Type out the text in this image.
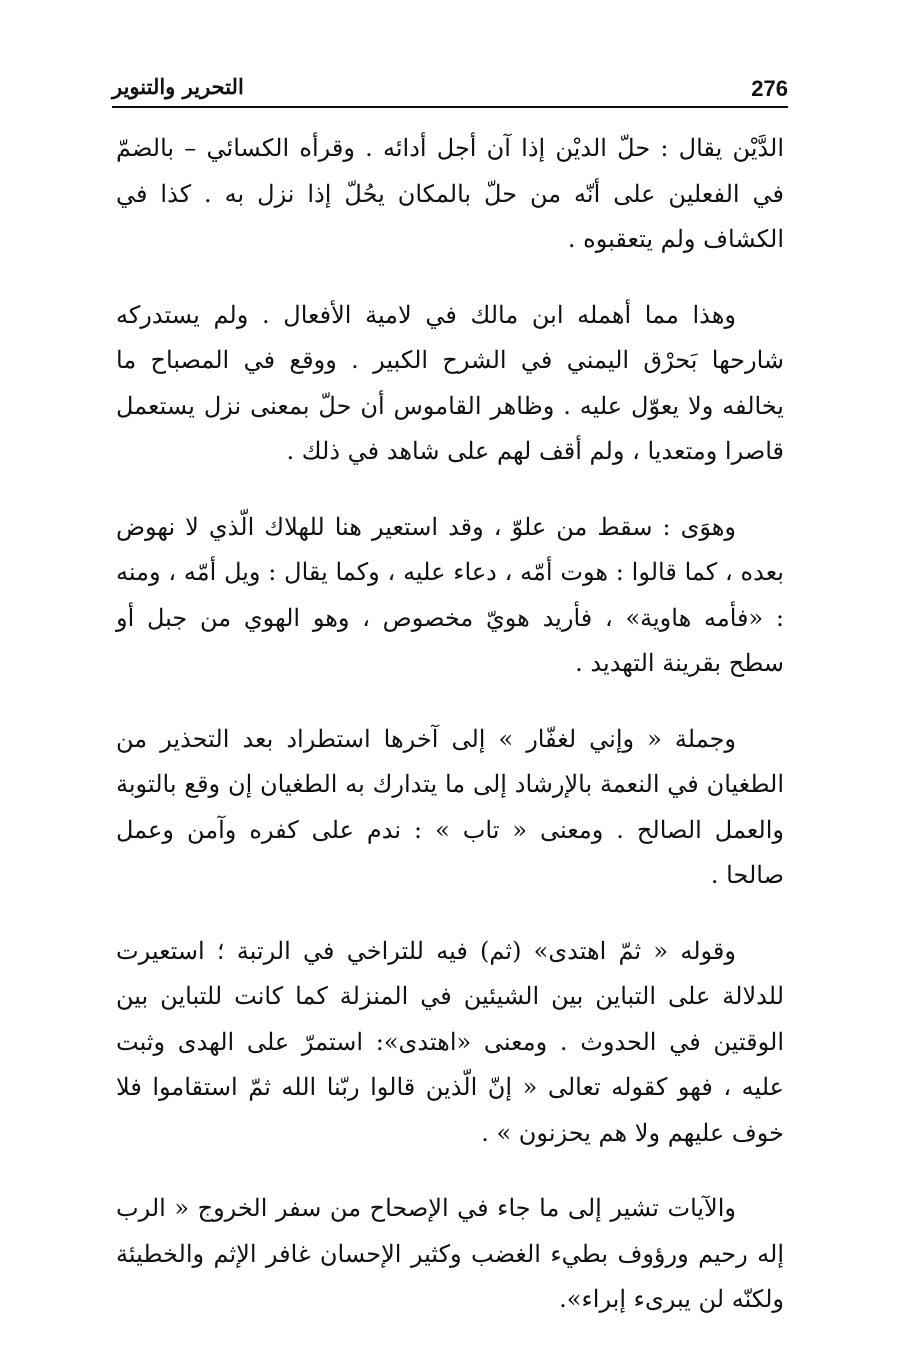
276
التحرير والتنوير

الدَّيْن يقال : حلّ الديْن إذا آن أجل أدائه . وقرأه الكسائي – بالضمّ في الفعلين على أنّه من حلّ بالمكان يحُلّ إذا نزل به . كذا في الكشاف ولم يتعقبوه .

وهذا مما أهمله ابن مالك في لامية الأفعال . ولم يستدركه شارحها بَحرْق اليمني في الشرح الكبير . ووقع في المصباح ما يخالفه ولا يعوّل عليه . وظاهر القاموس أن حلّ بمعنى نزل يستعمل قاصرا ومتعديا ، ولم أقف لهم على شاهد في ذلك .

وهوَى : سقط من علوّ ، وقد استعير هنا للهلاك الّذي لا نهوض بعده ، كما قالوا : هوت أمّه ، دعاء عليه ، وكما يقال : ويل أمّه ، ومنه : «فأمه هاوية» ، فأريد هويّ مخصوص ، وهو الهوي من جبل أو سطح بقرينة التهديد .

وجملة « وإني لغفّار » إلى آخرها استطراد بعد التحذير من الطغيان في النعمة بالإرشاد إلى ما يتدارك به الطغيان إن وقع بالتوبة والعمل الصالح . ومعنى « تاب » : ندم على كفره وآمن وعمل صالحا .

وقوله « ثمّ اهتدى» (ثم) فيه للتراخي في الرتبة ؛ استعيرت للدلالة على التباين بين الشيئين في المنزلة كما كانت للتباين بين الوقتين في الحدوث . ومعنى «اهتدى»: استمرّ على الهدى وثبت عليه ، فهو كقوله تعالى « إنّ الّذين قالوا ربّنا الله ثمّ استقاموا فلا خوف عليهم ولا هم يحزنون » .

والآيات تشير إلى ما جاء في الإصحاح من سفر الخروج « الرب إله رحيم ورؤوف بطيء الغضب وكثير الإحسان غافر الإثم والخطيئة ولكنّه لن يبرىء إبراء».
